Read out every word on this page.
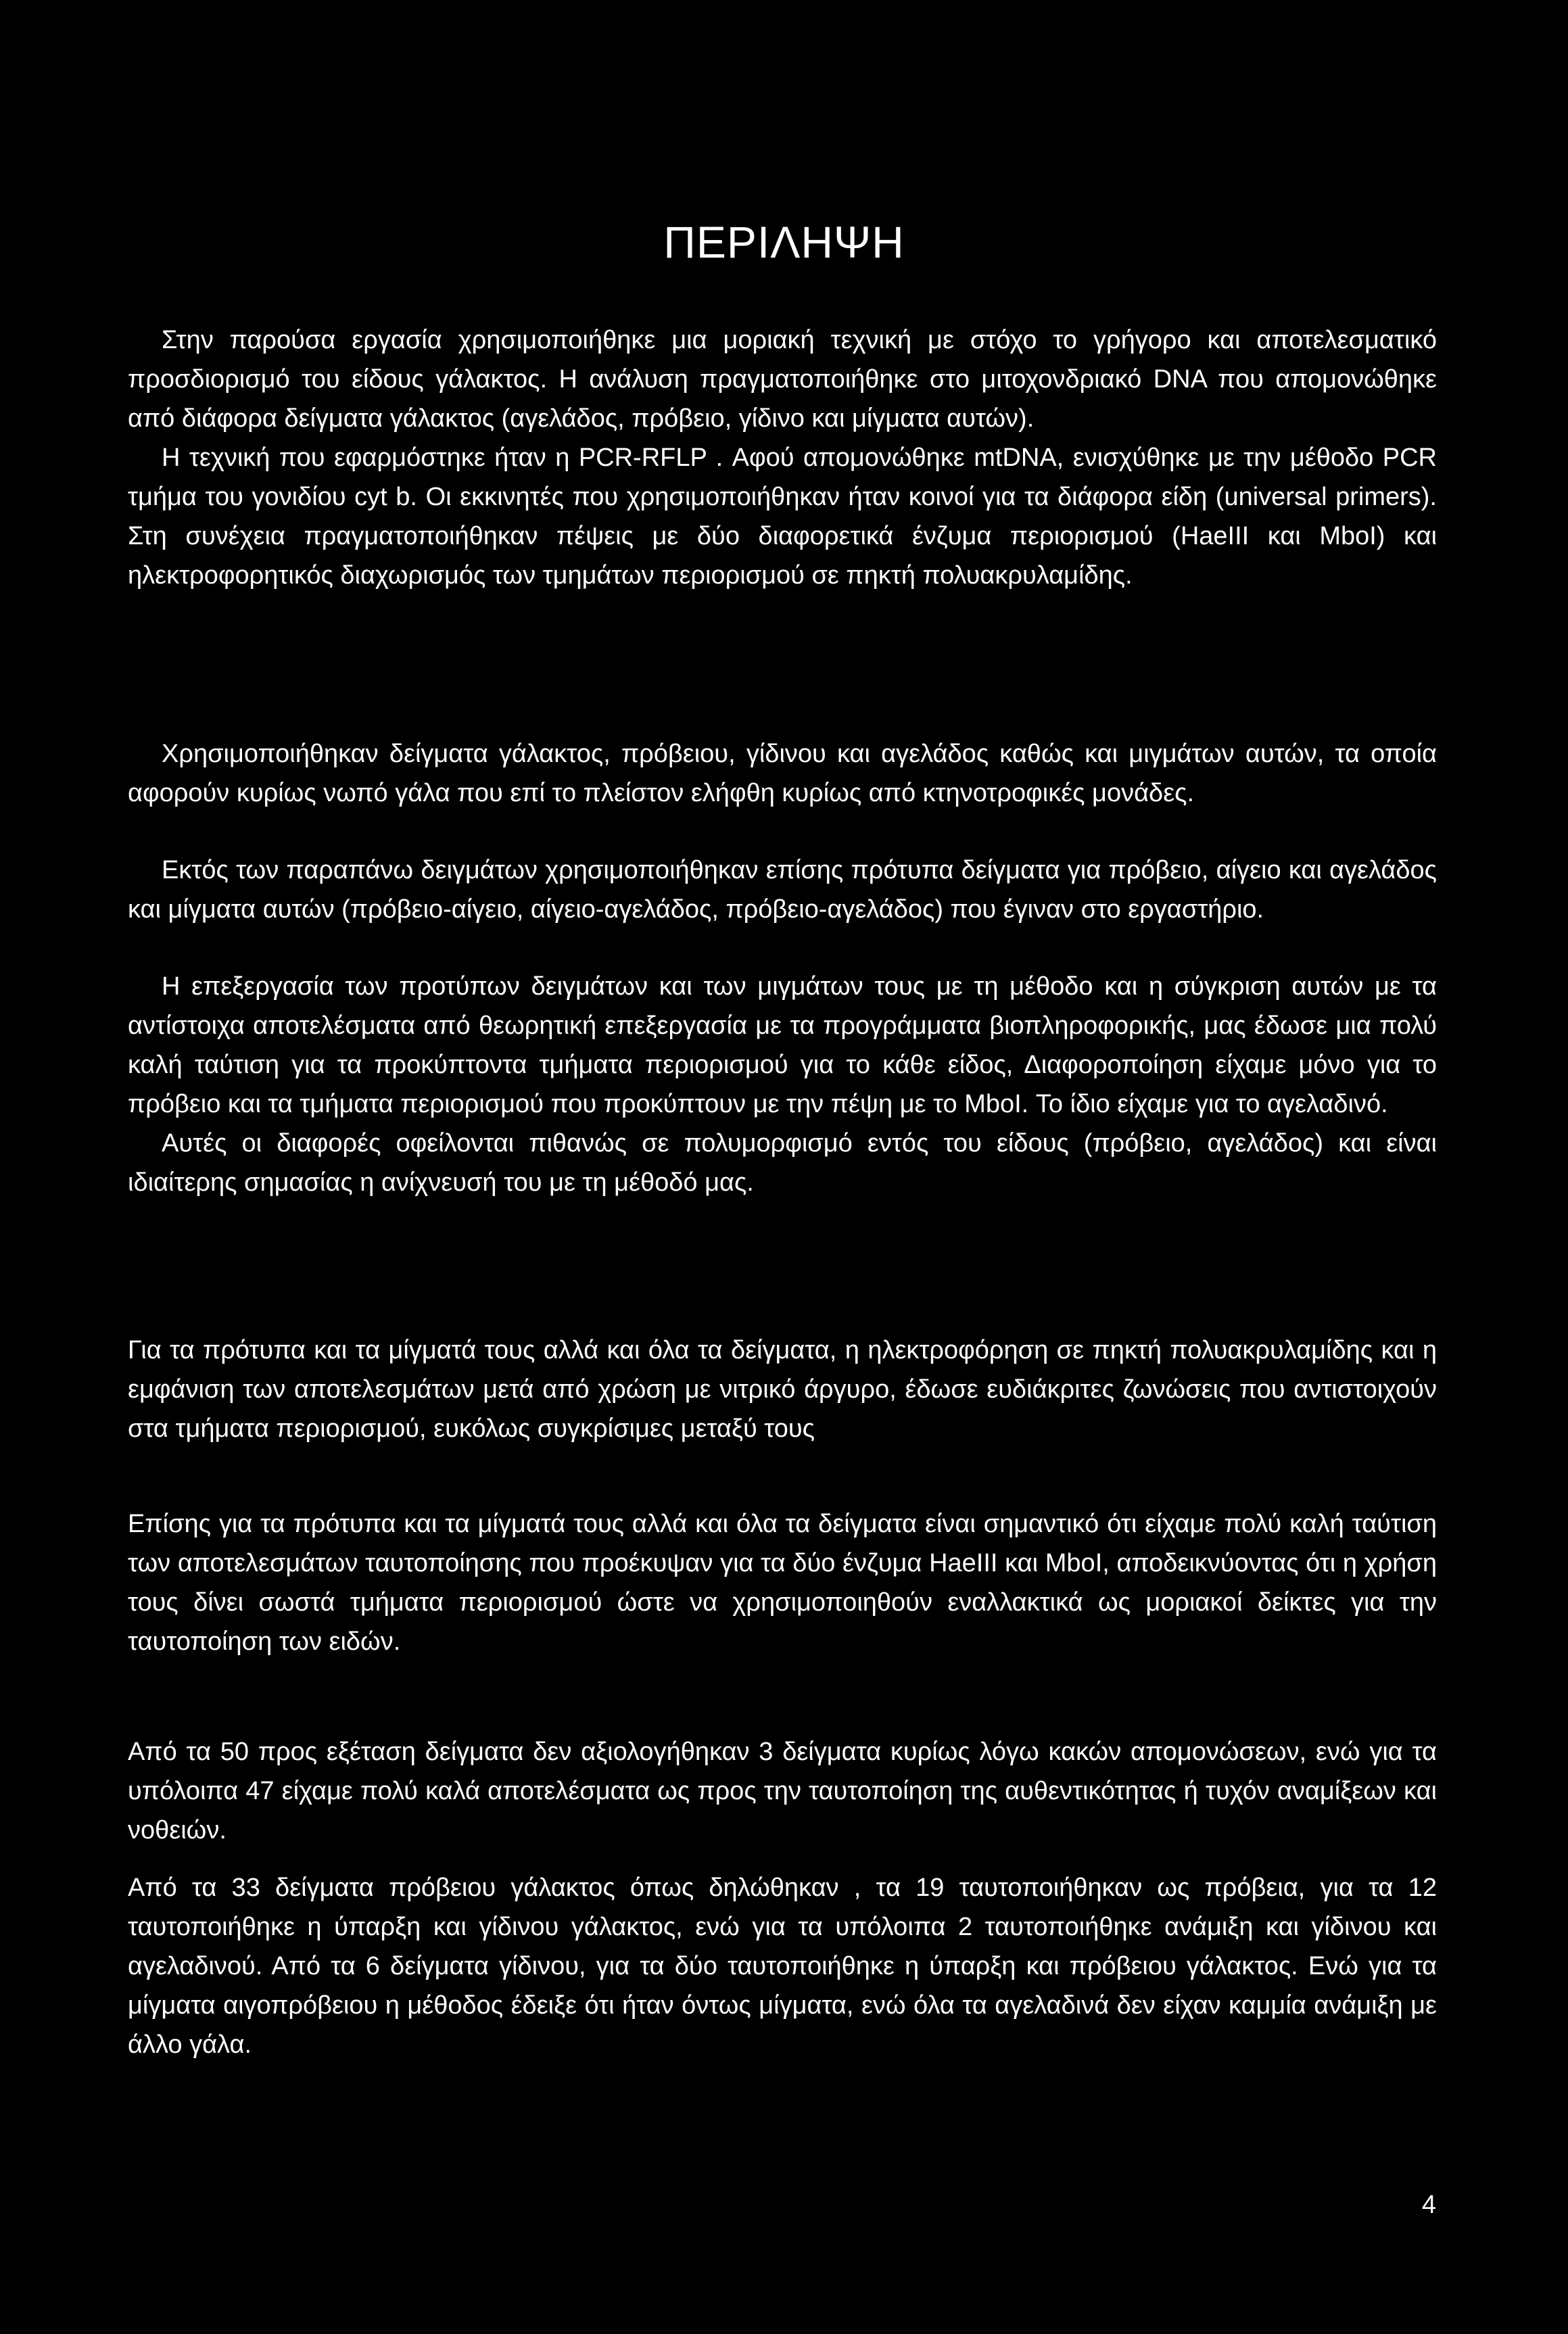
ΠΕΡΙΛΗΨΗ

Στην παρούσα εργασία χρησιμοποιήθηκε μια μοριακή τεχνική με στόχο το γρήγορο και αποτελεσματικό προσδιορισμό του είδους γάλακτος. Η ανάλυση πραγματοποιήθηκε στο μιτοχονδριακό DNA που απομονώθηκε από διάφορα δείγματα γάλακτος (αγελάδος, πρόβειο, γίδινο και μίγματα αυτών).

Η τεχνική που εφαρμόστηκε ήταν η PCR-RFLP . Αφού απομονώθηκε mtDNA, ενισχύθηκε με την μέθοδο PCR τμήμα του γονιδίου cyt b. Οι εκκινητές που χρησιμοποιήθηκαν ήταν κοινοί για τα διάφορα είδη (universal primers). Στη συνέχεια πραγματοποιήθηκαν πέψεις με δύο διαφορετικά ένζυμα περιορισμού (HaeIII και MboI) και ηλεκτροφορητικός διαχωρισμός των τμημάτων περιορισμού σε πηκτή πολυακρυλαμίδης.

Χρησιμοποιήθηκαν δείγματα γάλακτος, πρόβειου, γίδινου και αγελάδος καθώς και μιγμάτων αυτών, τα οποία αφορούν κυρίως νωπό γάλα που επί το πλείστον ελήφθη κυρίως από κτηνοτροφικές μονάδες.

Εκτός των παραπάνω δειγμάτων χρησιμοποιήθηκαν επίσης πρότυπα δείγματα για πρόβειο, αίγειο και αγελάδος και μίγματα αυτών (πρόβειο-αίγειο, αίγειο-αγελάδος, πρόβειο-αγελάδος) που έγιναν στο εργαστήριο.

Η επεξεργασία των προτύπων δειγμάτων και των μιγμάτων τους με τη μέθοδο και η σύγκριση αυτών με τα αντίστοιχα αποτελέσματα από θεωρητική επεξεργασία με τα προγράμματα βιοπληροφορικής, μας έδωσε μια πολύ καλή ταύτιση για τα προκύπτοντα τμήματα περιορισμού για το κάθε είδος, Διαφοροποίηση είχαμε μόνο για το πρόβειο και τα τμήματα περιορισμού που προκύπτουν με την πέψη με το MboI. Το ίδιο είχαμε για το αγελαδινό.

Αυτές οι διαφορές οφείλονται πιθανώς σε πολυμορφισμό εντός του είδους (πρόβειο, αγελάδος) και είναι ιδιαίτερης σημασίας η ανίχνευσή του με τη μέθοδό μας.

Για τα πρότυπα και τα μίγματά τους αλλά και όλα τα δείγματα, η ηλεκτροφόρηση σε πηκτή πολυακρυλαμίδης και η εμφάνιση των αποτελεσμάτων μετά από χρώση με νιτρικό άργυρο, έδωσε ευδιάκριτες ζωνώσεις που αντιστοιχούν στα τμήματα περιορισμού, ευκόλως συγκρίσιμες μεταξύ τους

Επίσης για τα πρότυπα και τα μίγματά τους αλλά και όλα τα δείγματα είναι σημαντικό ότι είχαμε πολύ καλή ταύτιση των αποτελεσμάτων ταυτοποίησης που προέκυψαν για τα δύο ένζυμα HaeIII και MboI, αποδεικνύοντας ότι η χρήση τους δίνει σωστά τμήματα περιορισμού ώστε να χρησιμοποιηθούν εναλλακτικά ως μοριακοί δείκτες για την ταυτοποίηση των ειδών.

Από τα 50 προς εξέταση δείγματα δεν αξιολογήθηκαν 3 δείγματα κυρίως λόγω κακών απομονώσεων, ενώ για τα υπόλοιπα 47 είχαμε πολύ καλά αποτελέσματα ως προς την ταυτοποίηση της αυθεντικότητας ή τυχόν αναμίξεων και νοθειών.

Από τα 33 δείγματα πρόβειου γάλακτος όπως δηλώθηκαν , τα 19 ταυτοποιήθηκαν ως πρόβεια, για τα 12 ταυτοποιήθηκε η ύπαρξη και γίδινου γάλακτος, ενώ για τα υπόλοιπα 2 ταυτοποιήθηκε ανάμιξη και γίδινου και αγελαδινού. Από τα 6 δείγματα γίδινου, για τα δύο ταυτοποιήθηκε η ύπαρξη και πρόβειου γάλακτος. Ενώ για τα μίγματα αιγοπρόβειου η μέθοδος έδειξε ότι ήταν όντως μίγματα, ενώ όλα τα αγελαδινά δεν είχαν καμμία ανάμιξη με άλλο γάλα.

4
